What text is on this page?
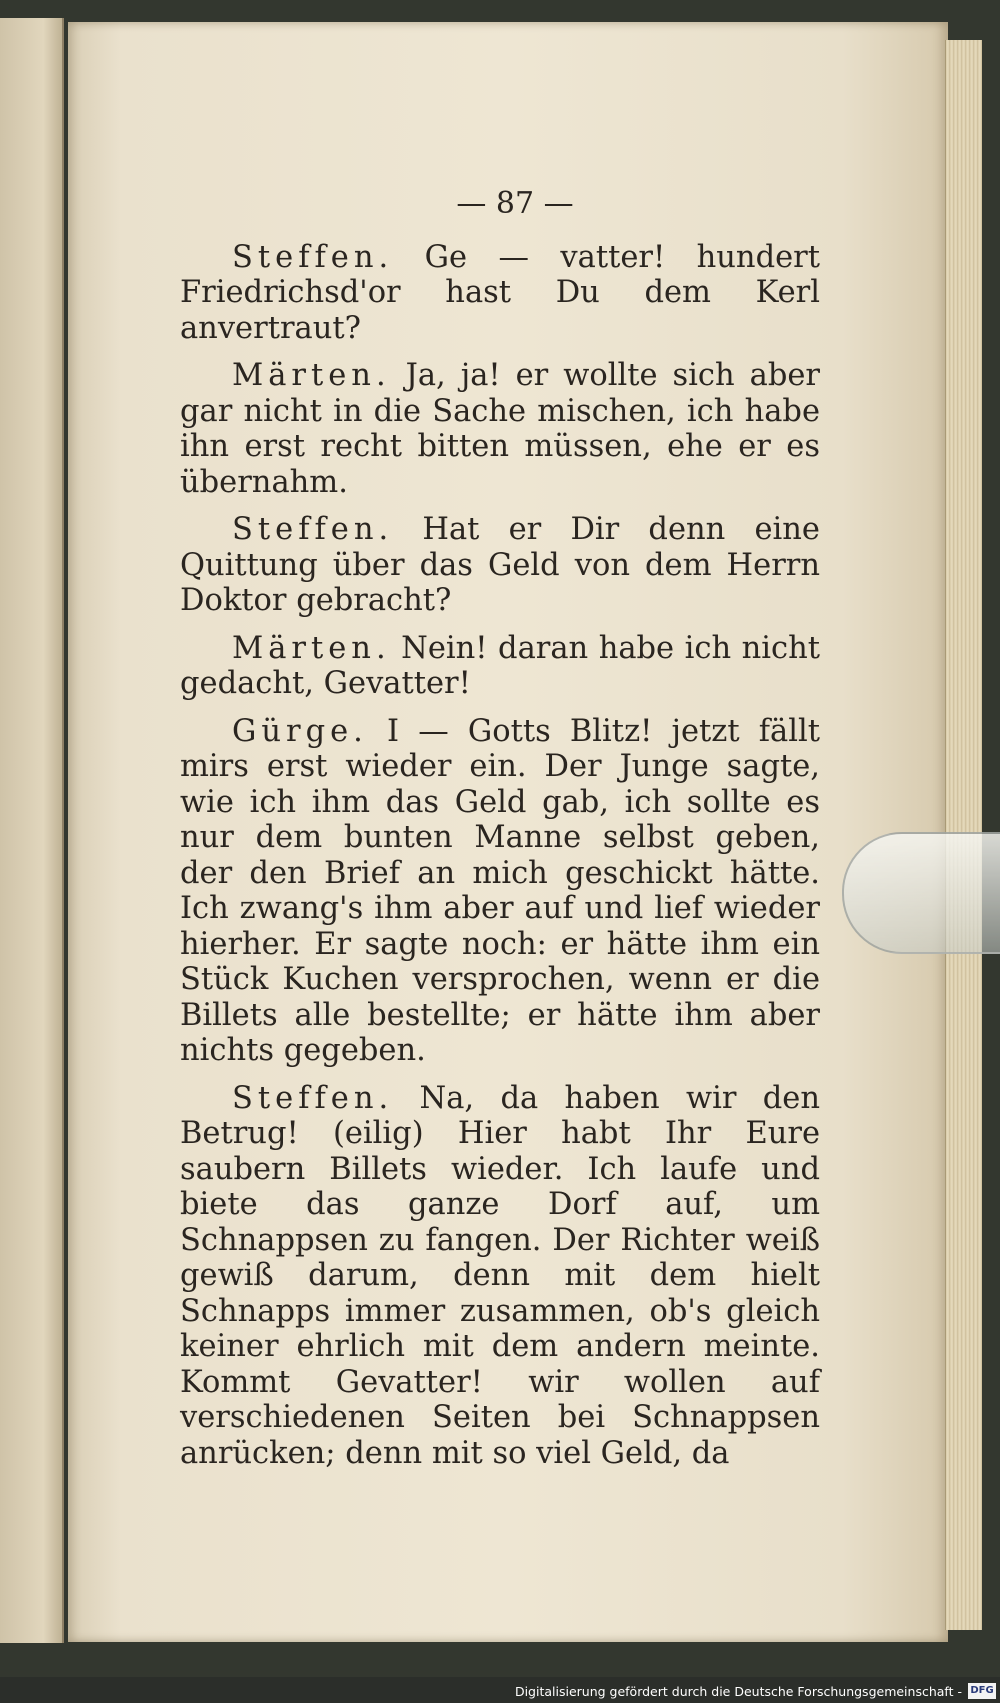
— 87 —

Steffen. Ge — vatter! hundert Friedrichsd'or hast Du dem Kerl anvertraut?

Märten. Ja, ja! er wollte sich aber gar nicht in die Sache mischen, ich habe ihn erst recht bitten müssen, ehe er es übernahm.

Steffen. Hat er Dir denn eine Quittung über das Geld von dem Herrn Doktor gebracht?

Märten. Nein! daran habe ich nicht gedacht, Gevatter!

Gürge. I — Gotts Blitz! jetzt fällt mirs erst wieder ein. Der Junge sagte, wie ich ihm das Geld gab, ich sollte es nur dem bunten Manne selbst geben, der den Brief an mich geschickt hätte. Ich zwang's ihm aber auf und lief wieder hierher. Er sagte noch: er hätte ihm ein Stück Kuchen versprochen, wenn er die Billets alle bestellte; er hätte ihm aber nichts gegeben.

Steffen. Na, da haben wir den Betrug! (eilig) Hier habt Ihr Eure saubern Billets wieder. Ich laufe und biete das ganze Dorf auf, um Schnappsen zu fangen. Der Richter weiß gewiß darum, denn mit dem hielt Schnapps immer zusammen, ob's gleich keiner ehrlich mit dem andern meinte. Kommt Gevatter! wir wollen auf verschiedenen Seiten bei Schnappsen anrücken; denn mit so viel Geld, da

Digitalisierung gefördert durch die Deutsche Forschungsgemeinschaft - DFG
